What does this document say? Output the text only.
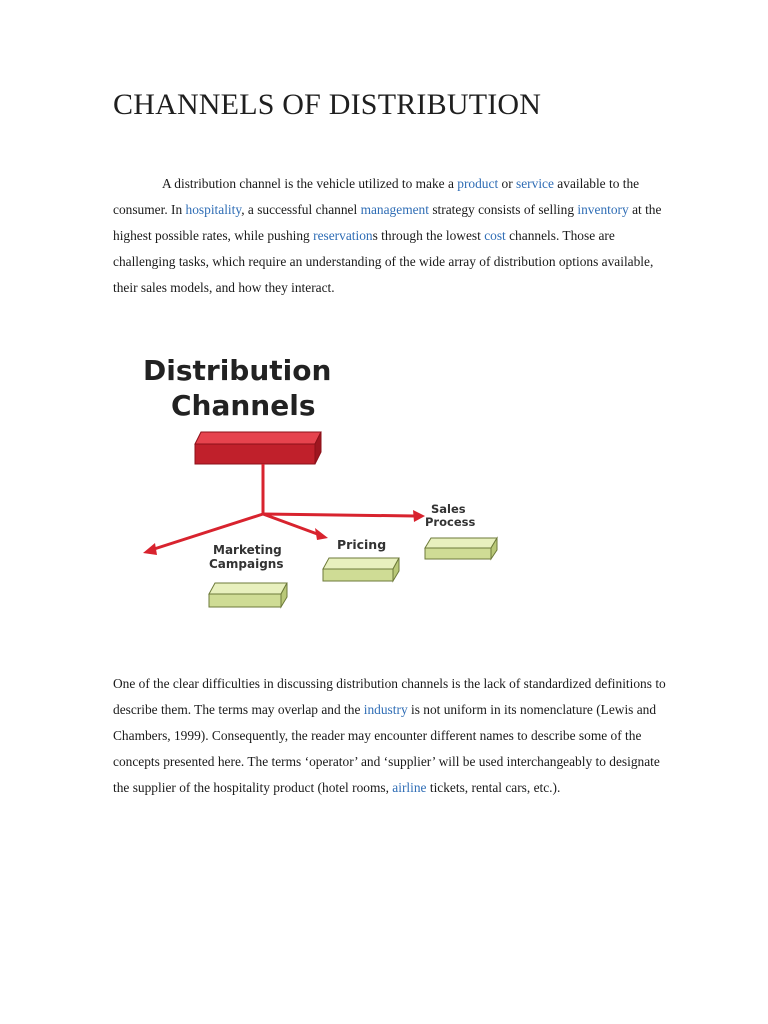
CHANNELS OF DISTRIBUTION

A distribution channel is the vehicle utilized to make a product or service available to the consumer. In hospitality, a successful channel management strategy consists of selling inventory at the highest possible rates, while pushing reservations through the lowest cost channels. Those are challenging tasks, which require an understanding of the wide array of distribution options available, their sales models, and how they interact.

Distribution
Channels
Sales
Process
Pricing
Marketing
Campaigns

One of the clear difficulties in discussing distribution channels is the lack of standardized definitions to describe them. The terms may overlap and the industry is not uniform in its nomenclature (Lewis and Chambers, 1999). Consequently, the reader may encounter different names to describe some of the concepts presented here. The terms ‘operator’ and ‘supplier’ will be used interchangeably to designate the supplier of the hospitality product (hotel rooms, airline tickets, rental cars, etc.).
